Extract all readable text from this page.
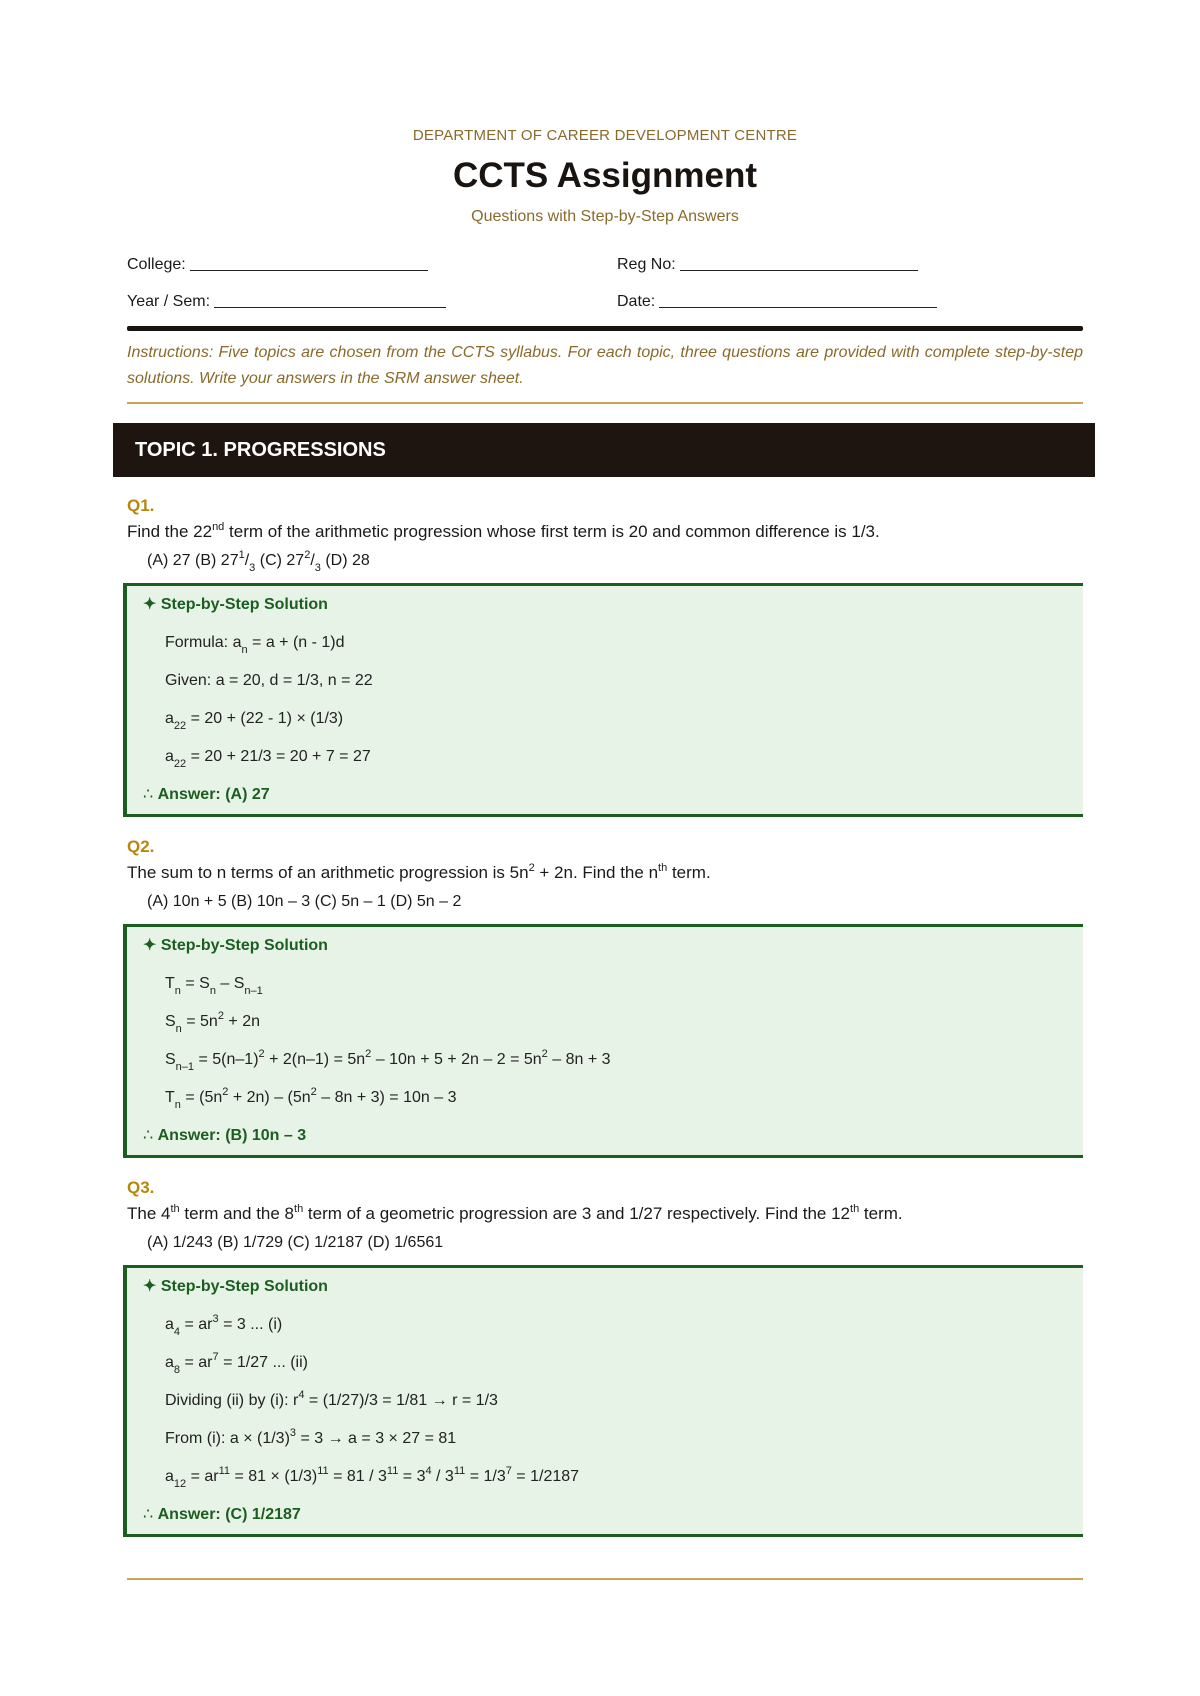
DEPARTMENT OF CAREER DEVELOPMENT CENTRE
CCTS Assignment
Questions with Step-by-Step Answers
College:	Reg No:
Year / Sem:	Date:
Instructions: Five topics are chosen from the CCTS syllabus. For each topic, three questions are provided with complete step-by-step solutions. Write your answers in the SRM answer sheet.
TOPIC 1. PROGRESSIONS
Q1.
Find the 22nd term of the arithmetic progression whose first term is 20 and common difference is 1/3.
(A) 27 (B) $27^1/_3$ (C) $27^2/_3$ (D) 28
✦ Step-by-Step Solution
Formula: $a_n = a + (n - 1)d$
Given: a = 20, d = 1/3, n = 22
$a_{22} = 20 + (22 - 1) \times (1/3)$
$a_{22} = 20 + 21/3 = 20 + 7 = 27$
∴ Answer: (A) 27
Q2.
The sum to n terms of an arithmetic progression is $5n^2 + 2n$. Find the $n^{th}$ term.
(A) 10n + 5 (B) 10n – 3 (C) 5n – 1 (D) 5n – 2
✦ Step-by-Step Solution
$T_n = S_n - S_{n-1}$
$S_n = 5n^2 + 2n$
$S_{n-1} = 5(n-1)^2 + 2(n-1) = 5n^2 - 10n + 5 + 2n - 2 = 5n^2 - 8n + 3$
$T_n = (5n^2 + 2n) - (5n^2 - 8n + 3) = 10n - 3$
∴ Answer: (B) 10n – 3
Q3.
The 4th term and the 8th term of a geometric progression are 3 and 1/27 respectively. Find the 12th term.
(A) 1/243 (B) 1/729 (C) 1/2187 (D) 1/6561
✦ Step-by-Step Solution
$a_4 = ar^3 = 3$ ... (i)
$a_8 = ar^7 = 1/27$ ... (ii)
Dividing (ii) by (i): $r^4 = (1/27)/3 = 1/81 \to r = 1/3$
From (i): $a \times (1/3)^3 = 3 \to a = 3 \times 27 = 81$
$a_{12} = ar^{11} = 81 \times (1/3)^{11} = 81 / 3^{11} = 3^4 / 3^{11} = 1/3^7 = 1/2187$
∴ Answer: (C) 1/2187
